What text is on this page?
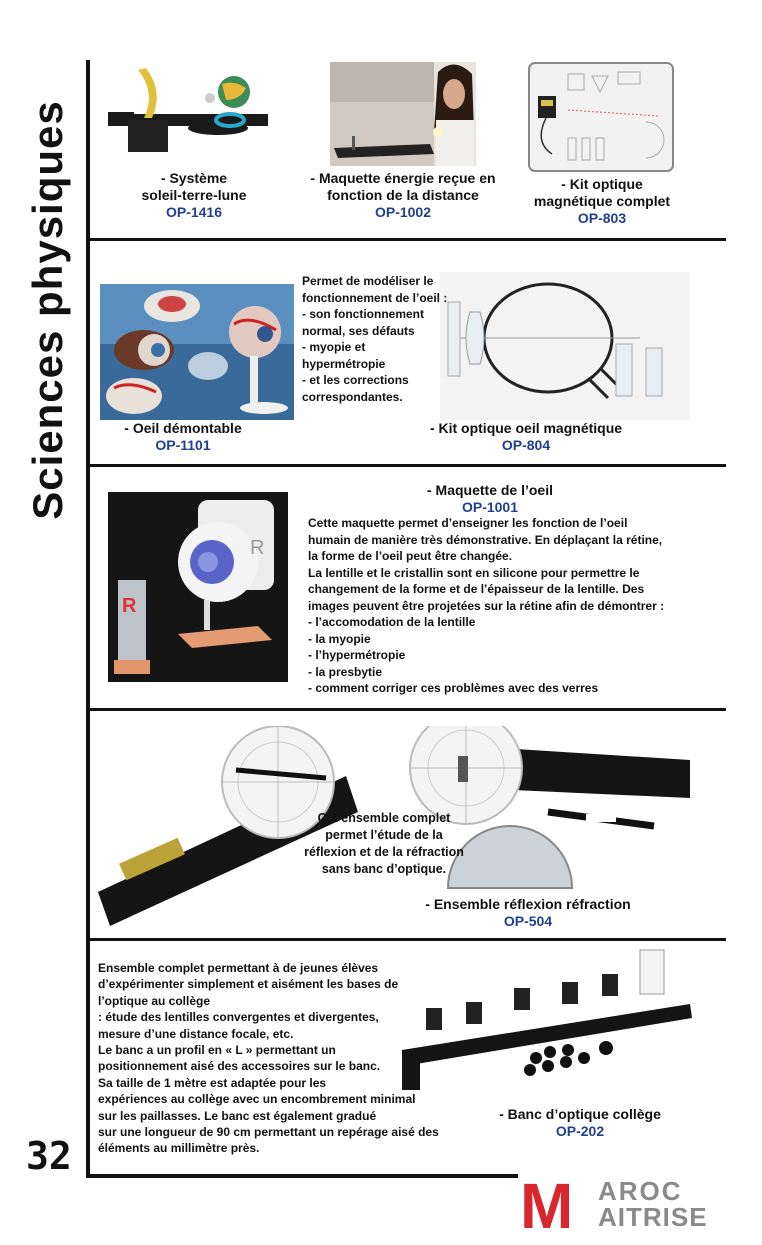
Sciences physiques
32
- Système
soleil-terre-lune
OP-1416
- Maquette énergie reçue en
fonction de la distance
OP-1002
- Kit optique
magnétique complet
OP-803
- Oeil démontable
OP-1101
Permet de modéliser le
fonctionnement de l’oeil :
- son fonctionnement
normal, ses défauts
- myopie et
hypermétropie
- et les corrections
correspondantes.
- Kit optique oeil magnétique
OP-804
R
R
- Maquette de l’oeil
OP-1001
Cette maquette permet d’enseigner les fonction de l’oeil
humain de manière très démonstrative. En déplaçant la rétine,
la forme de l’oeil peut être changée.
La lentille et le cristallin sont en silicone pour permettre le
changement de la forme et de l’épaisseur de la lentille. Des
images peuvent être projetées sur la rétine afin de démontrer :
- l’accomodation de la lentille
- la myopie
- l’hypermétropie
- la presbytie
- comment corriger ces problèmes avec des verres
Cet ensemble complet
permet l’étude de la
réflexion et de la réfraction
sans banc d’optique.
- Ensemble réflexion réfraction
OP-504
Ensemble complet permettant à de jeunes élèves
d’expérimenter simplement et aisément les bases de
l’optique au collège
: étude des lentilles convergentes et divergentes,
mesure d’une distance focale, etc.
Le banc a un profil en « L » permettant un
positionnement aisé des accessoires sur le banc.
Sa taille de 1 mètre est adaptée pour les
expériences au collège avec un encombrement minimal
sur les paillasses. Le banc est également gradué
sur une longueur de 90 cm permettant un repérage aisé des
éléments au millimètre près.
- Banc d’optique collège
OP-202
M AROC
AITRISE
